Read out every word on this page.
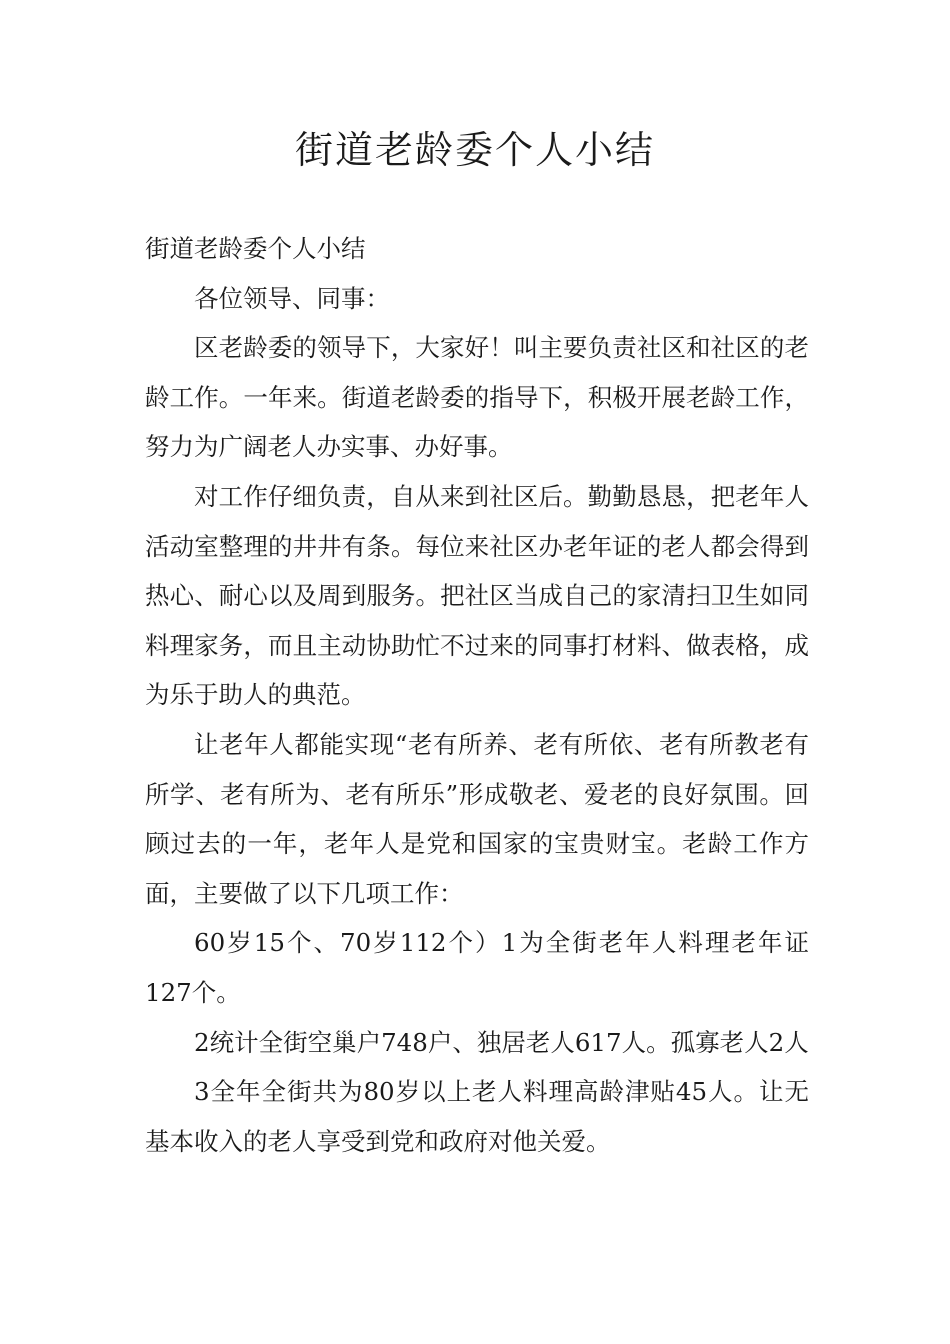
街道老龄委个人小结

街道老龄委个人小结

各位领导、同事：

区老龄委的领导下，大家好！叫主要负责社区和社区的老龄工作。一年来。街道老龄委的指导下，积极开展老龄工作，努力为广阔老人办实事、办好事。

对工作仔细负责，自从来到社区后。勤勤恳恳，把老年人活动室整理的井井有条。每位来社区办老年证的老人都会得到热心、耐心以及周到服务。把社区当成自己的家清扫卫生如同料理家务，而且主动协助忙不过来的同事打材料、做表格，成为乐于助人的典范。

让老年人都能实现“老有所养、老有所依、老有所教老有所学、老有所为、老有所乐”形成敬老、爱老的良好氛围。回顾过去的一年，老年人是党和国家的宝贵财宝。老龄工作方面，主要做了以下几项工作：

60岁15个、70岁112个）1为全街老年人料理老年证127个。

2统计全街空巢户748户、独居老人617人。孤寡老人2人

3全年全街共为80岁以上老人料理高龄津贴45人。让无基本收入的老人享受到党和政府对他关爱。
